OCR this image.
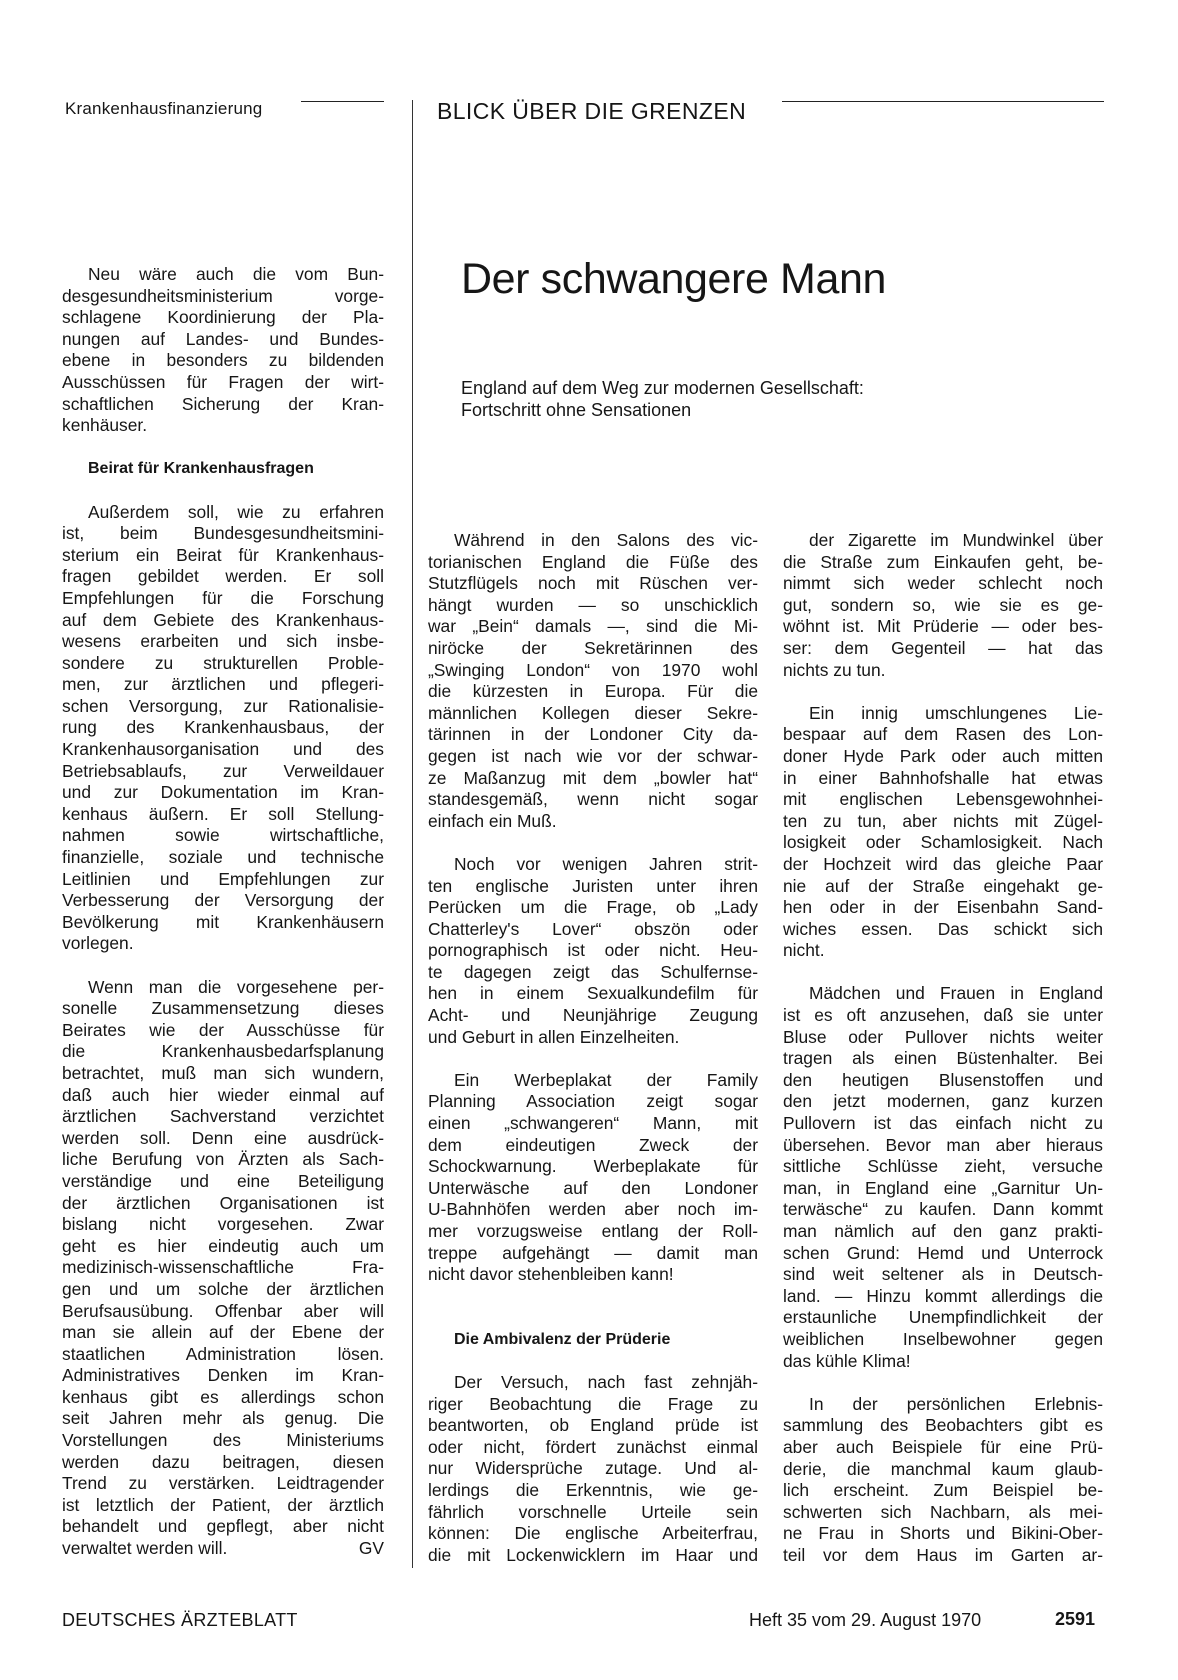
Krankenhausfinanzierung	BLICK ÜBER DIE GRENZEN
Der schwangere Mann
England auf dem Weg zur modernen Gesellschaft:
Fortschritt ohne Sensationen
Neu wäre auch die vom Bun-
desgesundheitsministerium vorge-
schlagene Koordinierung der Pla-
nungen auf Landes- und Bundes-
ebene in besonders zu bildenden
Ausschüssen für Fragen der wirt-
schaftlichen Sicherung der Kran-
kenhäuser.
Beirat für Krankenhausfragen
Außerdem soll, wie zu erfahren
ist, beim Bundesgesundheitsmini-
sterium ein Beirat für Krankenhaus-
fragen gebildet werden. Er soll
Empfehlungen für die Forschung
auf dem Gebiete des Krankenhaus-
wesens erarbeiten und sich insbe-
sondere zu strukturellen Proble-
men, zur ärztlichen und pflegeri-
schen Versorgung, zur Rationalisie-
rung des Krankenhausbaus, der
Krankenhausorganisation und des
Betriebsablaufs, zur Verweildauer
und zur Dokumentation im Kran-
kenhaus äußern. Er soll Stellung-
nahmen sowie wirtschaftliche,
finanzielle, soziale und technische
Leitlinien und Empfehlungen zur
Verbesserung der Versorgung der
Bevölkerung mit Krankenhäusern
vorlegen.
Wenn man die vorgesehene per-
sonelle Zusammensetzung dieses
Beirates wie der Ausschüsse für
die Krankenhausbedarfsplanung
betrachtet, muß man sich wundern,
daß auch hier wieder einmal auf
ärztlichen Sachverstand verzichtet
werden soll. Denn eine ausdrück-
liche Berufung von Ärzten als Sach-
verständige und eine Beteiligung
der ärztlichen Organisationen ist
bislang nicht vorgesehen. Zwar
geht es hier eindeutig auch um
medizinisch-wissenschaftliche Fra-
gen und um solche der ärztlichen
Berufsausübung. Offenbar aber will
man sie allein auf der Ebene der
staatlichen Administration lösen.
Administratives Denken im Kran-
kenhaus gibt es allerdings schon
seit Jahren mehr als genug. Die
Vorstellungen des Ministeriums
werden dazu beitragen, diesen
Trend zu verstärken. Leidtragender
ist letztlich der Patient, der ärztlich
behandelt und gepflegt, aber nicht
verwaltet werden will.	GV
Während in den Salons des vic-
torianischen England die Füße des
Stutzflügels noch mit Rüschen ver-
hängt wurden — so unschicklich
war „Bein“ damals —, sind die Mi-
niröcke der Sekretärinnen des
„Swinging London“ von 1970 wohl
die kürzesten in Europa. Für die
männlichen Kollegen dieser Sekre-
tärinnen in der Londoner City da-
gegen ist nach wie vor der schwar-
ze Maßanzug mit dem „bowler hat“
standesgemäß, wenn nicht sogar
einfach ein Muß.
Noch vor wenigen Jahren strit-
ten englische Juristen unter ihren
Perücken um die Frage, ob „Lady
Chatterley's Lover“ obszön oder
pornographisch ist oder nicht. Heu-
te dagegen zeigt das Schulfernse-
hen in einem Sexualkundefilm für
Acht- und Neunjährige Zeugung
und Geburt in allen Einzelheiten.
Ein Werbeplakat der Family
Planning Association zeigt sogar
einen „schwangeren“ Mann, mit
dem eindeutigen Zweck der
Schockwarnung. Werbeplakate für
Unterwäsche auf den Londoner
U-Bahnhöfen werden aber noch im-
mer vorzugsweise entlang der Roll-
treppe aufgehängt — damit man
nicht davor stehenbleiben kann!
Die Ambivalenz der Prüderie
Der Versuch, nach fast zehnjäh-
riger Beobachtung die Frage zu
beantworten, ob England prüde ist
oder nicht, fördert zunächst einmal
nur Widersprüche zutage. Und al-
lerdings die Erkenntnis, wie ge-
fährlich vorschnelle Urteile sein
können: Die englische Arbeiterfrau,
die mit Lockenwicklern im Haar und
der Zigarette im Mundwinkel über
die Straße zum Einkaufen geht, be-
nimmt sich weder schlecht noch
gut, sondern so, wie sie es ge-
wöhnt ist. Mit Prüderie — oder bes-
ser: dem Gegenteil — hat das
nichts zu tun.
Ein innig umschlungenes Lie-
bespaar auf dem Rasen des Lon-
doner Hyde Park oder auch mitten
in einer Bahnhofshalle hat etwas
mit englischen Lebensgewohnhei-
ten zu tun, aber nichts mit Zügel-
losigkeit oder Schamlosigkeit. Nach
der Hochzeit wird das gleiche Paar
nie auf der Straße eingehakt ge-
hen oder in der Eisenbahn Sand-
wiches essen. Das schickt sich
nicht.
Mädchen und Frauen in England
ist es oft anzusehen, daß sie unter
Bluse oder Pullover nichts weiter
tragen als einen Büstenhalter. Bei
den heutigen Blusenstoffen und
den jetzt modernen, ganz kurzen
Pullovern ist das einfach nicht zu
übersehen. Bevor man aber hieraus
sittliche Schlüsse zieht, versuche
man, in England eine „Garnitur Un-
terwäsche“ zu kaufen. Dann kommt
man nämlich auf den ganz prakti-
schen Grund: Hemd und Unterrock
sind weit seltener als in Deutsch-
land. — Hinzu kommt allerdings die
erstaunliche Unempfindlichkeit der
weiblichen Inselbewohner gegen
das kühle Klima!
In der persönlichen Erlebnis-
sammlung des Beobachters gibt es
aber auch Beispiele für eine Prü-
derie, die manchmal kaum glaub-
lich erscheint. Zum Beispiel be-
schwerten sich Nachbarn, als mei-
ne Frau in Shorts und Bikini-Ober-
teil vor dem Haus im Garten ar-
DEUTSCHES ÄRZTEBLATT	Heft 35 vom 29. August 1970	2591
